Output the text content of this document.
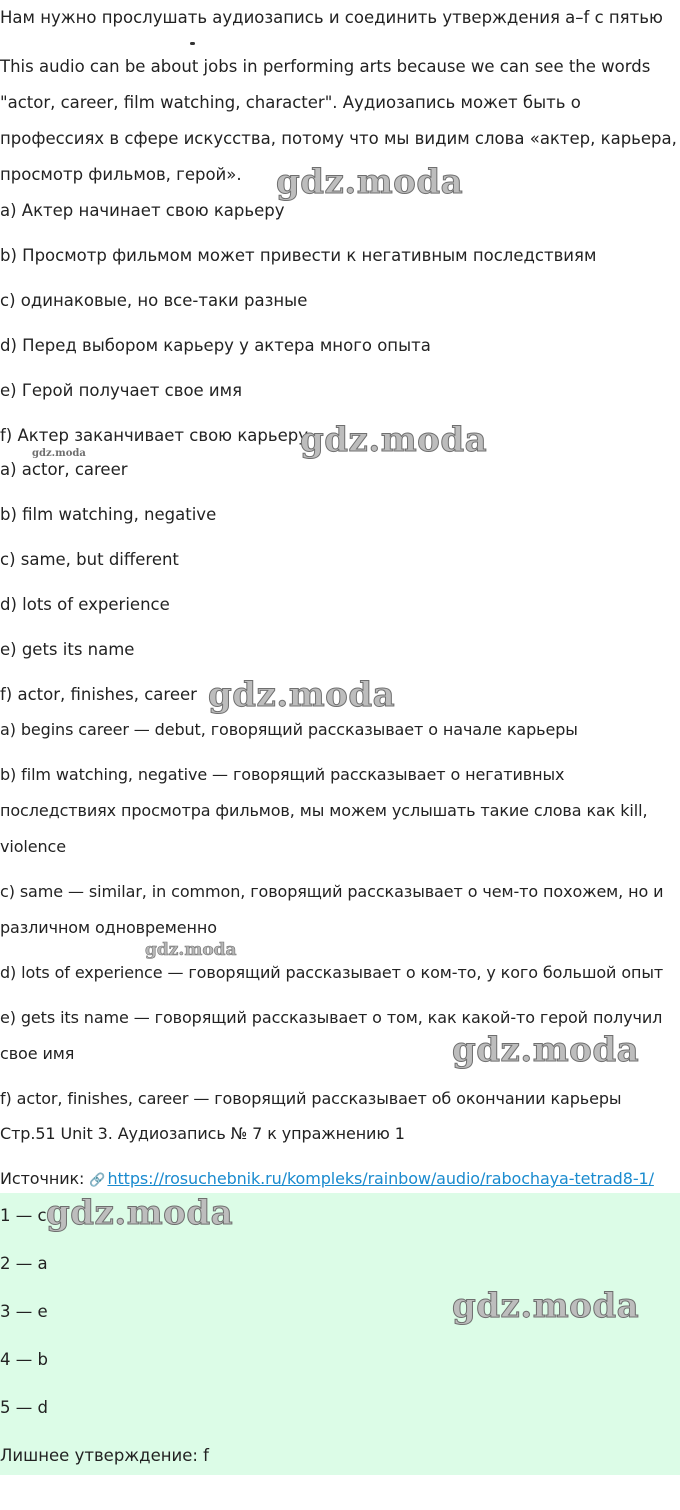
Нам нужно прослушать аудиозапись и соединить утверждения a–f с пятью

This audio can be about jobs in performing arts because we can see the words "actor, career, film watching, character". Аудиозапись может быть о профессиях в сфере искусства, потому что мы видим слова «актер, карьера, просмотр фильмов, герой».

a) Актер начинает свою карьеру

b) Просмотр фильмом может привести к негативным последствиям

c) одинаковые, но все-таки разные

d) Перед выбором карьеру у актера много опыта

e) Герой получает свое имя

f) Актер заканчивает свою карьеру

a) actor, career

b) film watching, negative

c) same, but different

d) lots of experience

e) gets its name

f) actor, finishes, career

a) begins career — debut, говорящий рассказывает о начале карьеры

b) film watching, negative — говорящий рассказывает о негативных последствиях просмотра фильмов, мы можем услышать такие слова как kill, violence

c) same — similar, in common, говорящий рассказывает о чем-то похожем, но и различном одновременно

d) lots of experience — говорящий рассказывает о ком-то, у кого большой опыт

e) gets its name — говорящий рассказывает о том, как какой-то герой получил свое имя

f) actor, finishes, career — говорящий рассказывает об окончании карьеры

Стр.51 Unit 3. Аудиозапись № 7 к упражнению 1

Источник: 🔗 https://rosuchebnik.ru/kompleks/rainbow/audio/rabochaya-tetrad8-1/

1 — c
2 — a
3 — e
4 — b
5 — d
Лишнее утверждение: f
gdz.moda
gdz.moda
gdz.moda
gdz.moda
gdz.moda
gdz.moda
gdz.moda
gdz.moda
